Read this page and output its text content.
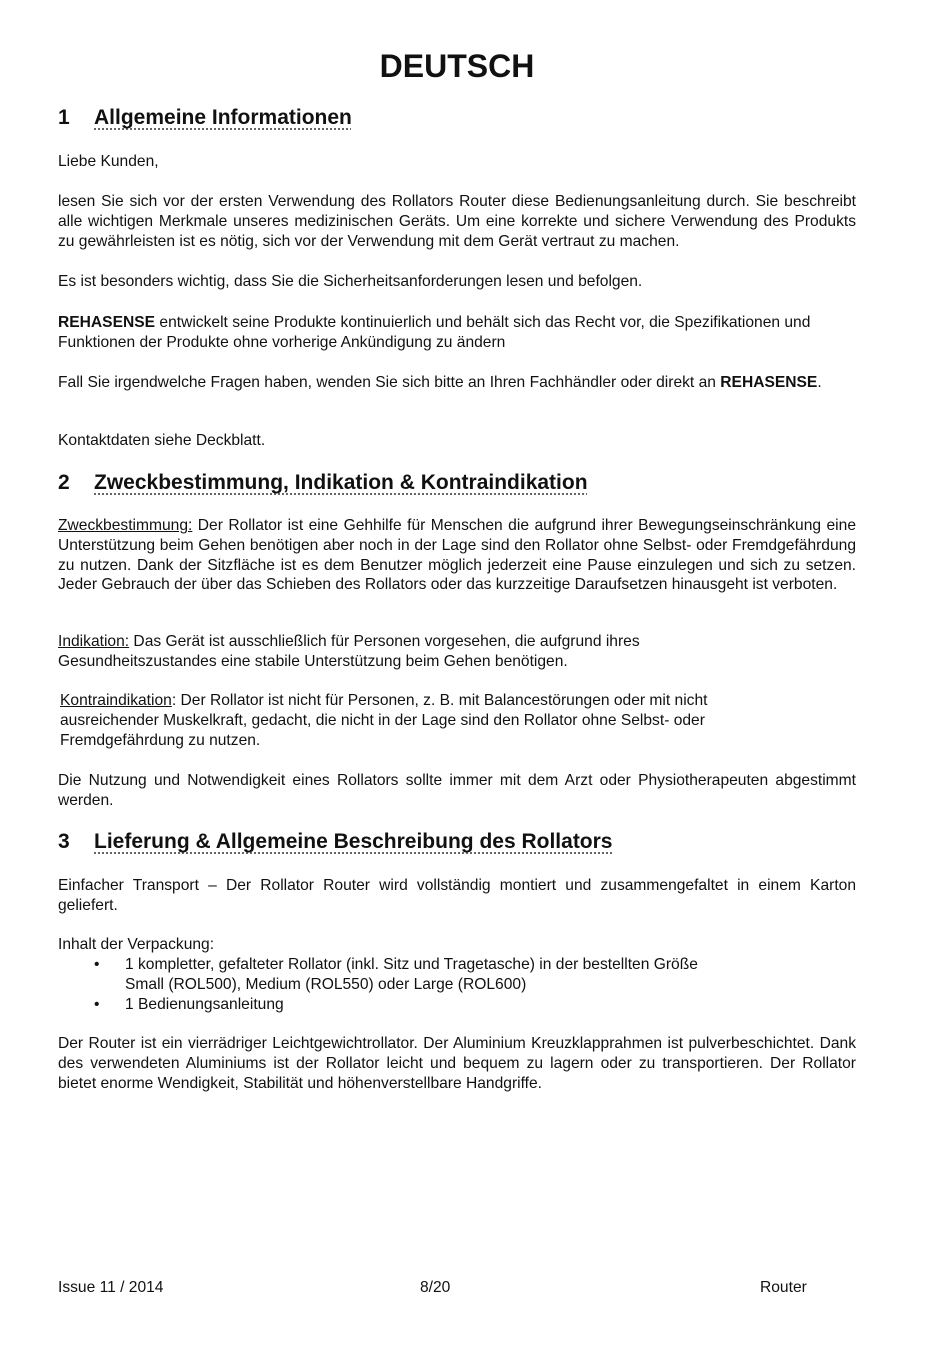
DEUTSCH
1 Allgemeine Informationen

Liebe Kunden,

lesen Sie sich vor der ersten Verwendung des Rollators Router diese Bedienungsanleitung durch. Sie beschreibt alle wichtigen Merkmale unseres medizinischen Geräts. Um eine korrekte und sichere Verwendung des Produkts zu gewährleisten ist es nötig, sich vor der Verwendung mit dem Gerät vertraut zu machen.

Es ist besonders wichtig, dass Sie die Sicherheitsanforderungen lesen und befolgen.

REHASENSE entwickelt seine Produkte kontinuierlich und behält sich das Recht vor, die Spezifikationen und Funktionen der Produkte ohne vorherige Ankündigung zu ändern

Fall Sie irgendwelche Fragen haben, wenden Sie sich bitte an Ihren Fachhändler oder direkt an REHASENSE.

Kontaktdaten siehe Deckblatt.

2 Zweckbestimmung, Indikation & Kontraindikation

Zweckbestimmung: Der Rollator ist eine Gehhilfe für Menschen die aufgrund ihrer Bewegungseinschränkung eine Unterstützung beim Gehen benötigen aber noch in der Lage sind den Rollator ohne Selbst- oder Fremdgefährdung zu nutzen. Dank der Sitzfläche ist es dem Benutzer möglich jederzeit eine Pause einzulegen und sich zu setzen. Jeder Gebrauch der über das Schieben des Rollators oder das kurzzeitige Daraufsetzen hinausgeht ist verboten.

Indikation: Das Gerät ist ausschließlich für Personen vorgesehen, die aufgrund ihres Gesundheitszustandes eine stabile Unterstützung beim Gehen benötigen.

Kontraindikation: Der Rollator ist nicht für Personen, z. B. mit Balancestörungen oder mit nicht ausreichender Muskelkraft, gedacht, die nicht in der Lage sind den Rollator ohne Selbst- oder Fremdgefährdung zu nutzen.

Die Nutzung und Notwendigkeit eines Rollators sollte immer mit dem Arzt oder Physiotherapeuten abgestimmt werden.

3 Lieferung & Allgemeine Beschreibung des Rollators

Einfacher Transport – Der Rollator Router wird vollständig montiert und zusammengefaltet in einem Karton geliefert.

Inhalt der Verpackung:

• 1 kompletter, gefalteter Rollator (inkl. Sitz und Tragetasche) in der bestellten Größe
Small (ROL500), Medium (ROL550) oder Large (ROL600)
• 1 Bedienungsanleitung

Der Router ist ein vierrädriger Leichtgewichtrollator. Der Aluminium Kreuzklapprahmen ist pulverbeschichtet. Dank des verwendeten Aluminiums ist der Rollator leicht und bequem zu lagern oder zu transportieren. Der Rollator bietet enorme Wendigkeit, Stabilität und höhenverstellbare Handgriffe.

Issue 11 / 2014	8/20	Router
